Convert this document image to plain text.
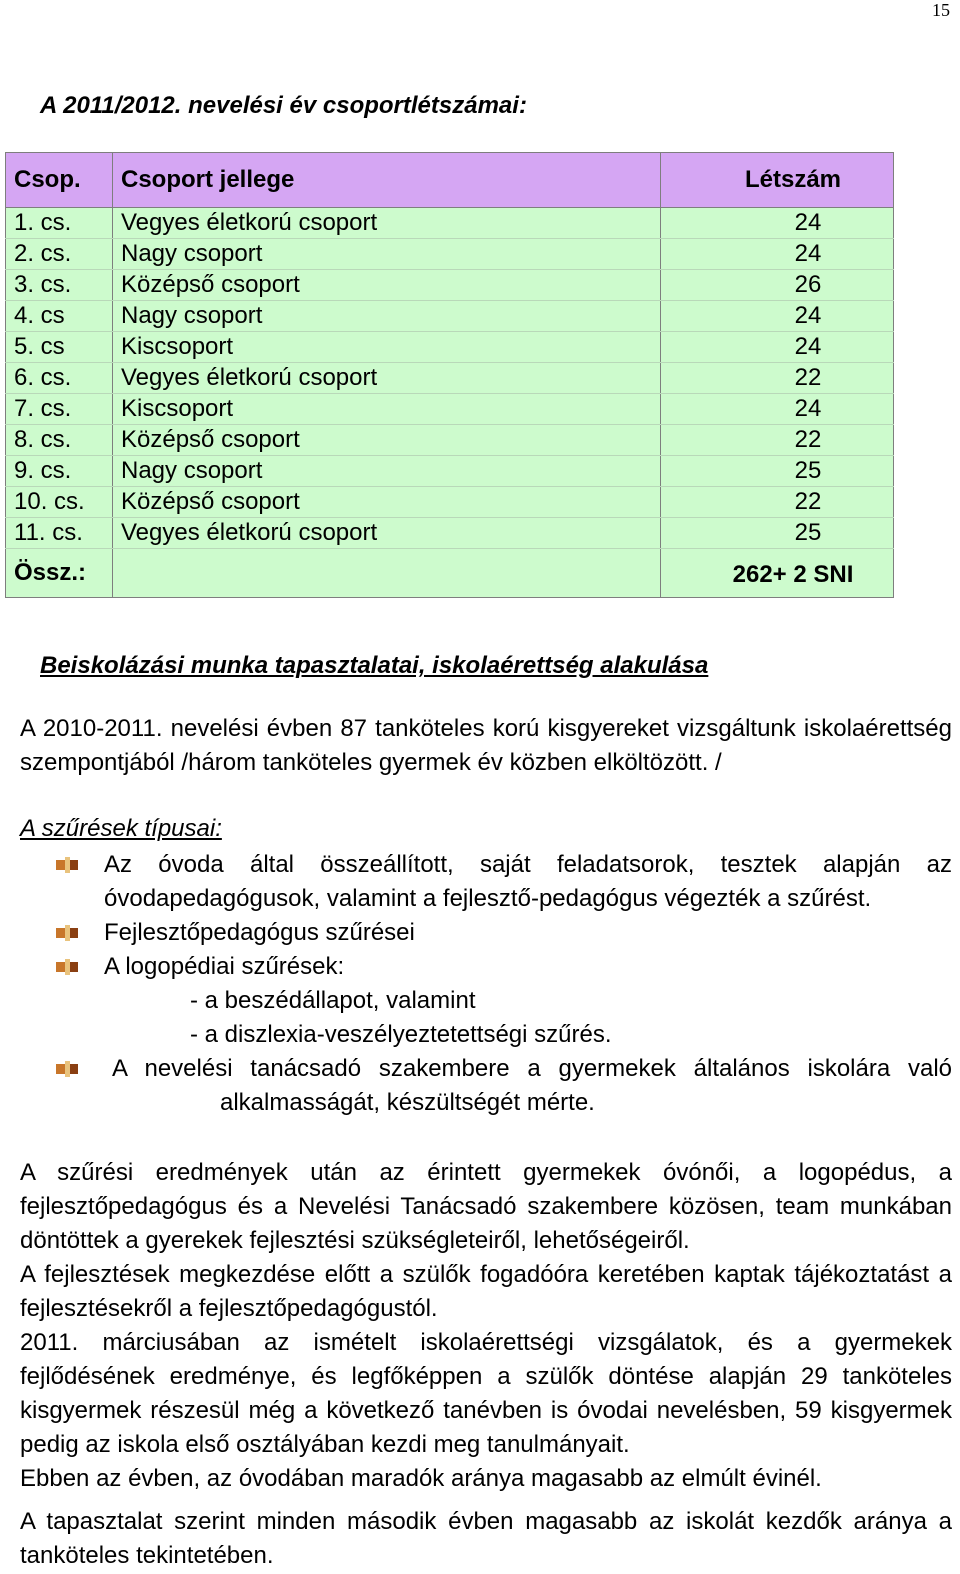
15
A 2011/2012. nevelési év csoportlétszámai:
Csop.	Csoport jellege	Létszám
1. cs.	Vegyes életkorú csoport	24
2. cs.	Nagy csoport	24
3. cs.	Középső csoport	26
4. cs	Nagy csoport	24
5. cs	Kiscsoport	24
6. cs.	Vegyes életkorú csoport	22
7. cs.	Kiscsoport	24
8. cs.	Középső csoport	22
9. cs.	Nagy csoport	25
10. cs.	Középső csoport	22
11. cs.	Vegyes életkorú csoport	25
Össz.:		262+ 2 SNI
Beiskolázási munka tapasztalatai, iskolaérettség alakulása

A 2010-2011. nevelési évben 87 tanköteles korú kisgyereket vizsgáltunk iskolaérettség szempontjából /három tanköteles gyermek év közben elköltözött. /

A szűrések típusai:
Az óvoda által összeállított, saját feladatsorok, tesztek alapján az óvodapedagógusok, valamint a fejlesztő-pedagógus végezték a szűrést.
Fejlesztőpedagógus szűrései
A logopédiai szűrések:
- a beszédállapot, valamint
- a diszlexia-veszélyeztetettségi szűrés.
A nevelési tanácsadó szakembere a gyermekek általános iskolára való
alkalmasságát, készültségét mérte.

A szűrési eredmények után az érintett gyermekek óvónői, a logopédus, a fejlesztőpedagógus és a Nevelési Tanácsadó szakembere közösen, team munkában döntöttek a gyerekek fejlesztési szükségleteiről, lehetőségeiről.

A fejlesztések megkezdése előtt a szülők fogadóóra keretében kaptak tájékoztatást a fejlesztésekről a fejlesztőpedagógustól.

2011. márciusában az ismételt iskolaérettségi vizsgálatok, és a gyermekek fejlődésének eredménye, és legfőképpen a szülők döntése alapján 29 tanköteles kisgyermek részesül még a következő tanévben is óvodai nevelésben, 59 kisgyermek pedig az iskola első osztályában kezdi meg tanulmányait.

Ebben az évben, az óvodában maradók aránya magasabb az elmúlt évinél.

A tapasztalat szerint minden második évben magasabb az iskolát kezdők aránya a tanköteles tekintetében.
